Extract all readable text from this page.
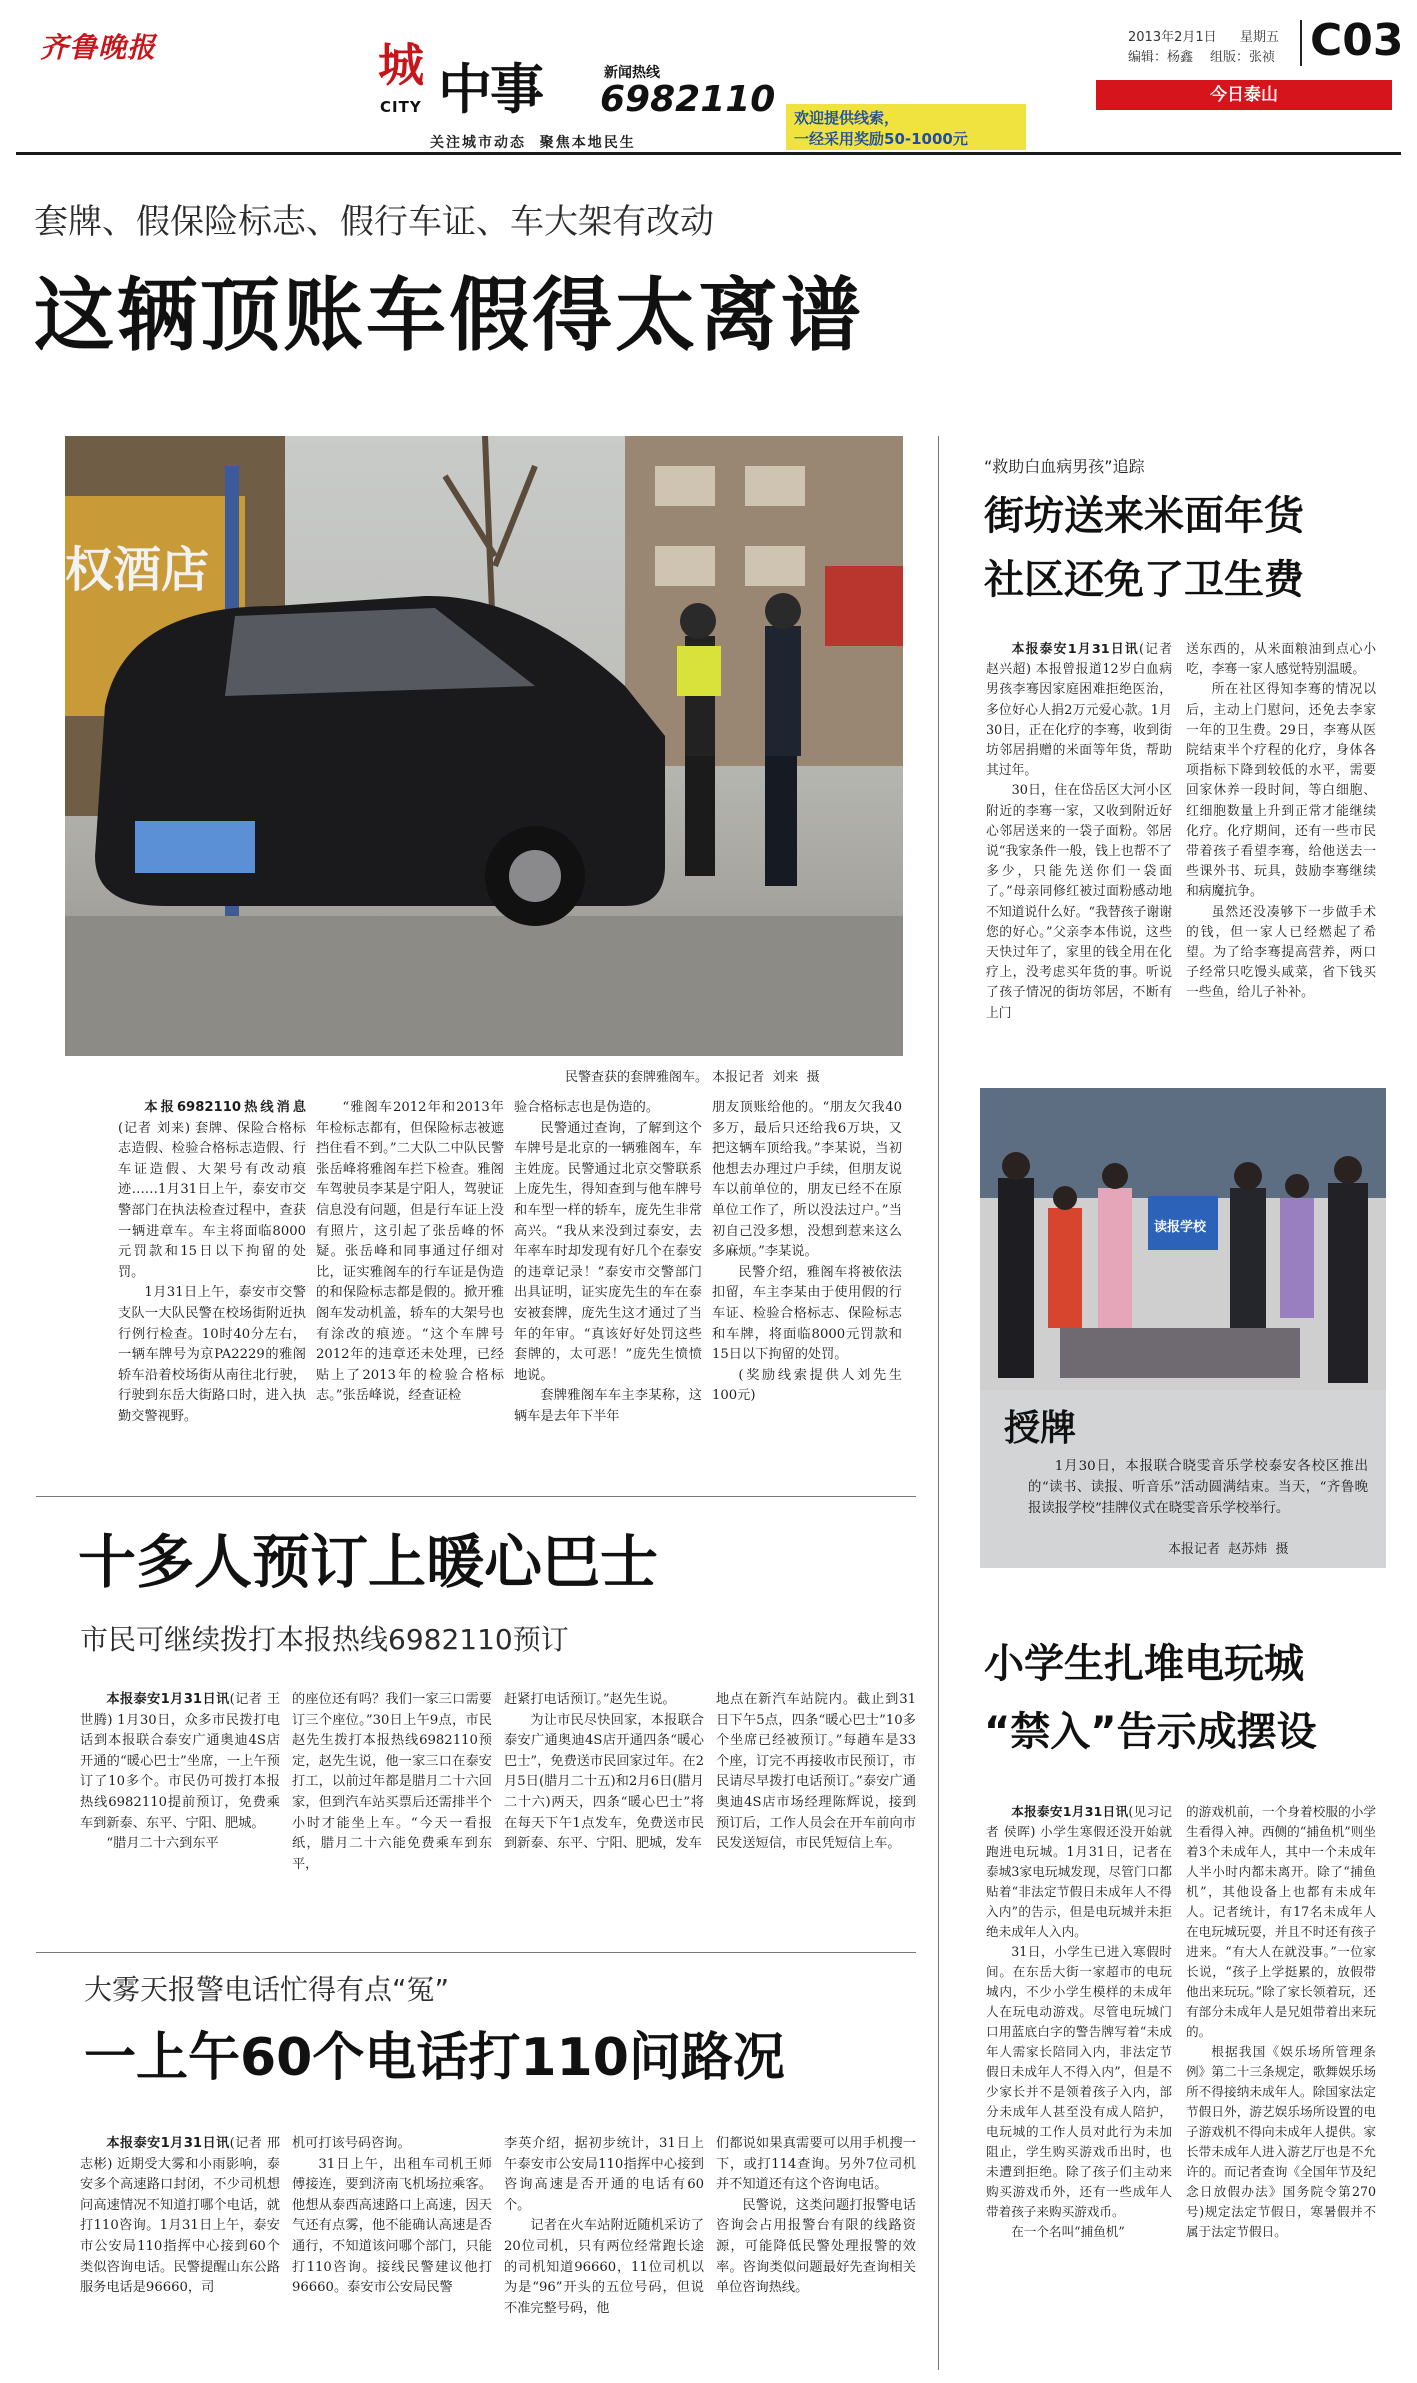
齐鲁晚报	城
CITY 中事	新闻热线
6982110
关注城市动态  聚焦本地民生
欢迎提供线索，
一经采用奖励50-1000元
2013年2月1日 星期五
编辑：杨鑫 组版：张祯 C03
今日泰山
套牌、假保险标志、假行车证、车大架有改动
这辆顶账车假得太离谱
权酒店
民警查获的套牌雅阁车。 本报记者  刘来  摄

本报6982110热线消息(记者 刘来) 套牌、保险合格标志造假、检验合格标志造假、行车证造假、大架号有改动痕迹……1月31日上午，泰安市交警部门在执法检查过程中，查获一辆进章车。车主将面临8000元罚款和15日以下拘留的处罚。

1月31日上午，泰安市交警支队一大队民警在校场街附近执行例行检查。10时40分左右，一辆车牌号为京PA2229的雅阁轿车沿着校场街从南往北行驶，行驶到东岳大街路口时，进入执勤交警视野。

“雅阁车2012年和2013年年检标志都有，但保险标志被遮挡住看不到。”二大队二中队民警张岳峰将雅阁车拦下检查。雅阁车驾驶员李某是宁阳人，驾驶证信息没有问题，但是行车证上没有照片，这引起了张岳峰的怀疑。张岳峰和同事通过仔细对比，证实雅阁车的行车证是伪造的和保险标志都是假的。掀开雅阁车发动机盖，轿车的大架号也有涂改的痕迹。“这个车牌号2012年的违章还未处理，已经贴上了2013年的检验合格标志。”张岳峰说，经查证检

验合格标志也是伪造的。

民警通过查询，了解到这个车牌号是北京的一辆雅阁车，车主姓庞。民警通过北京交警联系上庞先生，得知查到与他车牌号和车型一样的轿车，庞先生非常高兴。“我从来没到过泰安，去年率车时却发现有好几个在泰安的违章记录！”泰安市交警部门出具证明，证实庞先生的车在泰安被套牌，庞先生这才通过了当年的年审。“真该好好处罚这些套牌的，太可恶！”庞先生愤愤地说。

套牌雅阁车车主李某称，这辆车是去年下半年

朋友顶账给他的。“朋友欠我40多万，最后只还给我6万块，又把这辆车顶给我。”李某说，当初他想去办理过户手续，但朋友说车以前单位的，朋友已经不在原单位工作了，所以没法过户。”当初自己没多想，没想到惹来这么多麻烦。”李某说。

民警介绍，雅阁车将被依法扣留，车主李某由于使用假的行车证、检验合格标志、保险标志和车牌，将面临8000元罚款和15日以下拘留的处罚。

(奖励线索提供人刘先生 100元)

“救助白血病男孩”追踪
街坊送来米面年货
社区还免了卫生费

本报泰安1月31日讯(记者 赵兴超) 本报曾报道12岁白血病男孩李骞因家庭困难拒绝医治，多位好心人捐2万元爱心款。1月30日，正在化疗的李骞，收到街坊邻居捐赠的米面等年货，帮助其过年。

30日，住在岱岳区大河小区附近的李骞一家，又收到附近好心邻居送来的一袋子面粉。邻居说“我家条件一般，钱上也帮不了多少，只能先送你们一袋面了。”母亲同修红被过面粉感动地不知道说什么好。“我替孩子谢谢您的好心。”父亲李本伟说，这些天快过年了，家里的钱全用在化疗上，没考虑买年货的事。听说了孩子情况的街坊邻居，不断有上门

送东西的，从米面粮油到点心小吃，李骞一家人感觉特别温暖。

所在社区得知李骞的情况以后，主动上门慰问，还免去李家一年的卫生费。29日，李骞从医院结束半个疗程的化疗，身体各项指标下降到较低的水平，需要回家休养一段时间，等白细胞、红细胞数量上升到正常才能继续化疗。化疗期间，还有一些市民带着孩子看望李骞，给他送去一些课外书、玩具，鼓励李骞继续和病魔抗争。

虽然还没凑够下一步做手术的钱，但一家人已经燃起了希望。为了给李骞提高营养，两口子经常只吃馒头咸菜，省下钱买一些鱼，给儿子补补。

读报学校
授牌
1月30日，本报联合晓雯音乐学校泰安各校区推出的“读书、读报、听音乐”活动圆满结束。当天，“齐鲁晚报读报学校”挂牌仪式在晓雯音乐学校举行。
本报记者  赵苏炜  摄
十多人预订上暖心巴士
市民可继续拨打本报热线6982110预订

本报泰安1月31日讯(记者 王世腾) 1月30日，众多市民拨打电话到本报联合泰安广通奥迪4S店开通的“暖心巴士”坐席，一上午预订了10多个。市民仍可拨打本报热线6982110提前预订，免费乘车到新泰、东平、宁阳、肥城。

“腊月二十六到东平

的座位还有吗？我们一家三口需要订三个座位。”30日上午9点，市民赵先生拨打本报热线6982110预定，赵先生说，他一家三口在泰安打工，以前过年都是腊月二十六回家，但到汽车站买票后还需排半个小时才能坐上车。“今天一看报纸，腊月二十六能免费乘车到东平，

赶紧打电话预订。”赵先生说。

为让市民尽快回家，本报联合泰安广通奥迪4S店开通四条“暖心巴士”，免费送市民回家过年。在2月5日(腊月二十五)和2月6日(腊月二十六)两天，四条“暖心巴士”将在每天下午1点发车，免费送市民到新泰、东平、宁阳、肥城，发车

地点在新汽车站院内。截止到31日下午5点，四条“暖心巴士”10多个坐席已经被预订。”每趟车是33个座，订完不再接收市民预订，市民请尽早拨打电话预订。”泰安广通奥迪4S店市场经理陈辉说，接到预订后，工作人员会在开车前向市民发送短信，市民凭短信上车。

大雾天报警电话忙得有点“冤”
一上午60个电话打110问路况

本报泰安1月31日讯(记者 邢志彬) 近期受大雾和小雨影响，泰安多个高速路口封闭，不少司机想问高速情况不知道打哪个电话，就打110咨询。1月31日上午，泰安市公安局110指挥中心接到60个类似咨询电话。民警提醒山东公路服务电话是96660，司

机可打该号码咨询。

31日上午，出租车司机王师傅接连，要到济南飞机场拉乘客。他想从泰西高速路口上高速，因天气还有点雾，他不能确认高速是否通行，不知道该问哪个部门，只能打110咨询。接线民警建议他打96660。泰安市公安局民警

李英介绍，据初步统计，31日上午泰安市公安局110指挥中心接到咨询高速是否开通的电话有60个。

记者在火车站附近随机采访了20位司机，只有两位经常跑长途的司机知道96660，11位司机以为是“96”开头的五位号码，但说不准完整号码，他

们都说如果真需要可以用手机搜一下，或打114查询。另外7位司机并不知道还有这个咨询电话。

民警说，这类问题打报警电话咨询会占用报警台有限的线路资源，可能降低民警处理报警的效率。咨询类似问题最好先查询相关单位咨询热线。

小学生扎堆电玩城
“禁入”告示成摆设

本报泰安1月31日讯(见习记者 侯晖) 小学生寒假还没开始就跑进电玩城。1月31日，记者在泰城3家电玩城发现，尽管门口都贴着“非法定节假日未成年人不得入内”的告示，但是电玩城并未拒绝未成年人入内。

31日，小学生已进入寒假时间。在东岳大街一家超市的电玩城内，不少小学生模样的未成年人在玩电动游戏。尽管电玩城门口用蓝底白字的警告牌写着“未成年人需家长陪同入内，非法定节假日未成年人不得入内”，但是不少家长并不是领着孩子入内，部分未成年人甚至没有成人陪护，电玩城的工作人员对此行为未加阻止，学生购买游戏币出时，也未遭到拒绝。除了孩子们主动来购买游戏币外，还有一些成年人带着孩子来购买游戏币。

在一个名叫“捕鱼机”

的游戏机前，一个身着校服的小学生看得入神。西侧的“捕鱼机”则坐着3个未成年人，其中一个未成年人半小时内都未离开。除了“捕鱼机”，其他设备上也都有未成年人。记者统计，有17名未成年人在电玩城玩耍，并且不时还有孩子进来。“有大人在就没事。”一位家长说，“孩子上学挺累的，放假带他出来玩玩。”除了家长领着玩，还有部分未成年人是兄姐带着出来玩的。

根据我国《娱乐场所管理条例》第二十三条规定，歌舞娱乐场所不得接纳未成年人。除国家法定节假日外，游艺娱乐场所设置的电子游戏机不得向未成年人提供。家长带未成年人进入游艺厅也是不允许的。而记者查询《全国年节及纪念日放假办法》国务院令第270号)规定法定节假日，寒暑假并不属于法定节假日。
